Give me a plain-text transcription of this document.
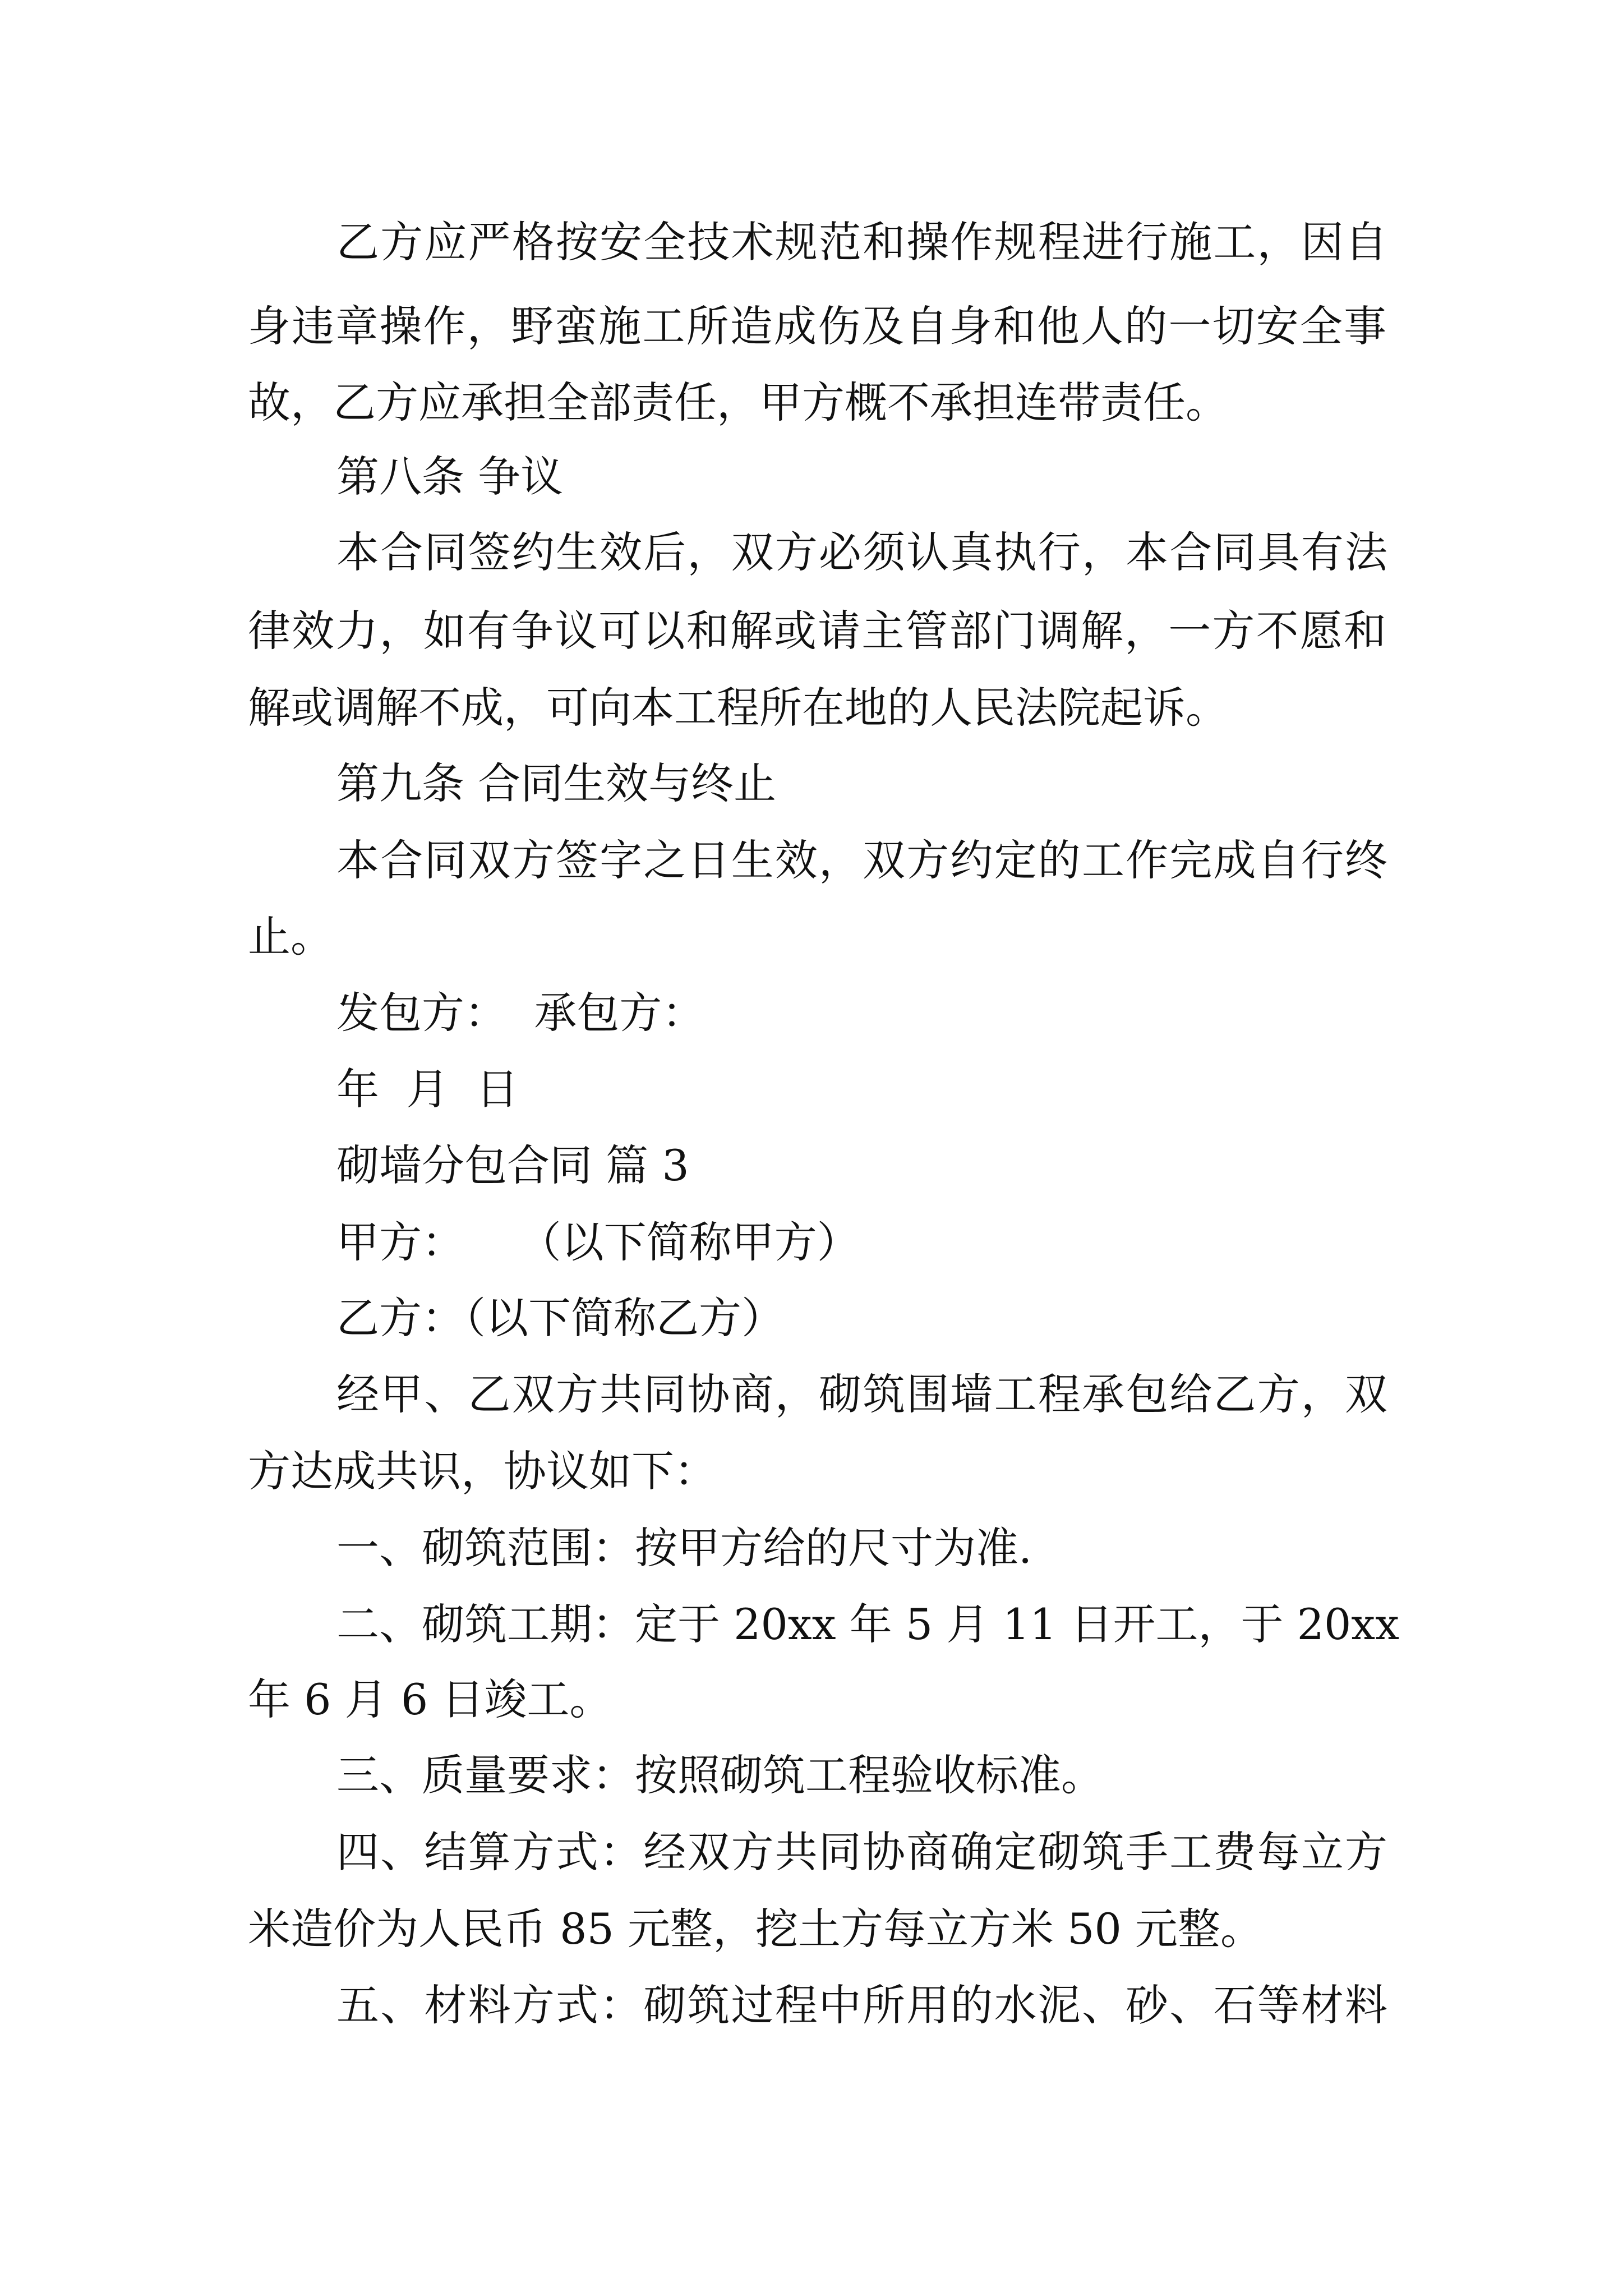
乙方应严格按安全技术规范和操作规程进行施工，因自
身违章操作，野蛮施工所造成伤及自身和他人的一切安全事
故，乙方应承担全部责任，甲方概不承担连带责任。
第八条 争议
本合同签约生效后，双方必须认真执行，本合同具有法
律效力，如有争议可以和解或请主管部门调解，一方不愿和
解或调解不成，可向本工程所在地的人民法院起诉。
第九条 合同生效与终止
本合同双方签字之日生效，双方约定的工作完成自行终
止。
发包方：  承包方：
年  月  日
砌墙分包合同 篇 3
甲方：    （以下简称甲方）
乙方：（以下简称乙方）
经甲、乙双方共同协商，砌筑围墙工程承包给乙方，双
方达成共识，协议如下：
一、砌筑范围：按甲方给的尺寸为准.
二、砌筑工期：定于 20xx 年 5 月 11 日开工，于 20xx
年 6 月 6 日竣工。
三、质量要求：按照砌筑工程验收标准。
四、结算方式：经双方共同协商确定砌筑手工费每立方
米造价为人民币 85 元整，挖土方每立方米 50 元整。
五、材料方式：砌筑过程中所用的水泥、砂、石等材料
